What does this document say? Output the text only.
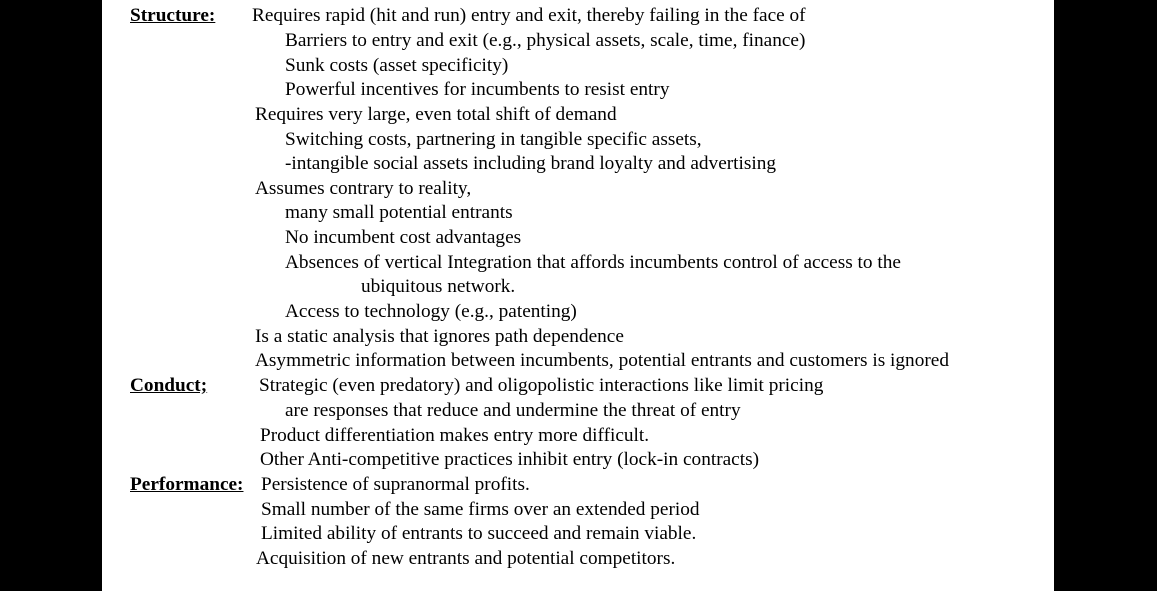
Structure: Requires rapid (hit and run) entry and exit, thereby failing in the face of
Barriers to entry and exit (e.g., physical assets, scale, time, finance)
Sunk costs (asset specificity)
Powerful incentives for incumbents to resist entry
Requires very large, even total shift of demand
Switching costs, partnering in tangible specific assets,
-intangible social assets including brand loyalty and advertising
Assumes contrary to reality,
many small potential entrants
No incumbent cost advantages
Absences of vertical Integration that affords incumbents control of access to the
ubiquitous network.
Access to technology (e.g., patenting)
Is a static analysis that ignores path dependence
Asymmetric information between incumbents, potential entrants and customers is ignored
Conduct;	Strategic (even predatory) and oligopolistic interactions like limit pricing
are responses that reduce and undermine the threat of entry
Product differentiation makes entry more difficult.
Other Anti-competitive practices inhibit entry (lock-in contracts)
Performance: Persistence of supranormal profits.
Small number of the same firms over an extended period
Limited ability of entrants to succeed and remain viable.
Acquisition of new entrants and potential competitors.
